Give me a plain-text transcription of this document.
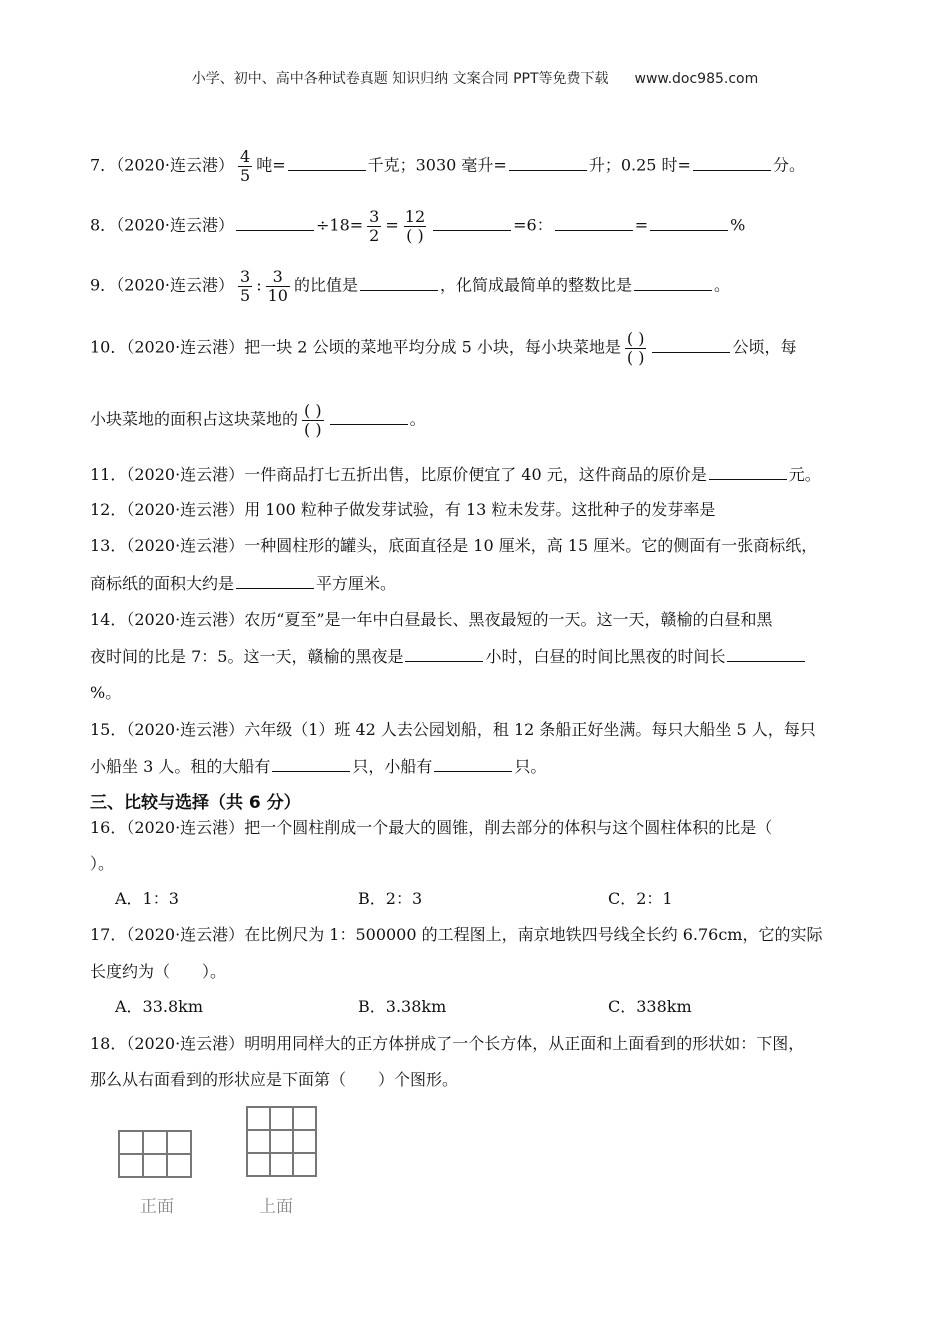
小学、初中、高中各种试卷真题 知识归纳 文案合同 PPT等免费下载 www.doc985.com
7．（2020·连云港） $\frac{4}{5}$ 吨=	千克；3030 毫升=	升；0.25 时=	分。
8．（2020·连云港）	$\div 18= \frac{3}{2} = \frac{12}{( )}$	=6：	=	%
9．（2020·连云港） $\frac{3}{5}$ : $\frac{3}{10}$ 的比值是	，化简成最简单的整数比是	。
10．（2020·连云港）把一块 2 公顷的菜地平均分成 5 小块，每小块菜地是 $\frac{( )}{( )}$	公顷，每
小块菜地的面积占这块菜地的 $\frac{( )}{( )}$	。
11．（2020·连云港）一件商品打七五折出售，比原价便宜了 40 元，这件商品的原价是	元。
12．（2020·连云港）用 100 粒种子做发芽试验，有 13 粒未发芽。这批种子的发芽率是
13．（2020·连云港）一种圆柱形的罐头，底面直径是 10 厘米，高 15 厘米。它的侧面有一张商标纸，
商标纸的面积大约是	平方厘米。
14．（2020·连云港）农历“夏至”是一年中白昼最长、黑夜最短的一天。这一天，赣榆的白昼和黑
夜时间的比是 7：5。这一天，赣榆的黑夜是	小时，白昼的时间比黑夜的时间长
%。
15．（2020·连云港）六年级（1）班 42 人去公园划船，租 12 条船正好坐满。每只大船坐 5 人，每只
小船坐 3 人。租的大船有	只，小船有	只。
三、比较与选择（共 6 分）
16．（2020·连云港）把一个圆柱削成一个最大的圆锥，削去部分的体积与这个圆柱体积的比是（
）。
A．1：3	B．2：3	C．2：1
17．（2020·连云港）在比例尺为 1：500000 的工程图上，南京地铁四号线全长约 6.76cm，它的实际
长度约为（　　）。
A．33.8km	B．3.38km	C．338km
18．（2020·连云港）明明用同样大的正方体拼成了一个长方体，从正面和上面看到的形状如：下图，
那么从右面看到的形状应是下面第（　　）个图形。

正面

			上面
